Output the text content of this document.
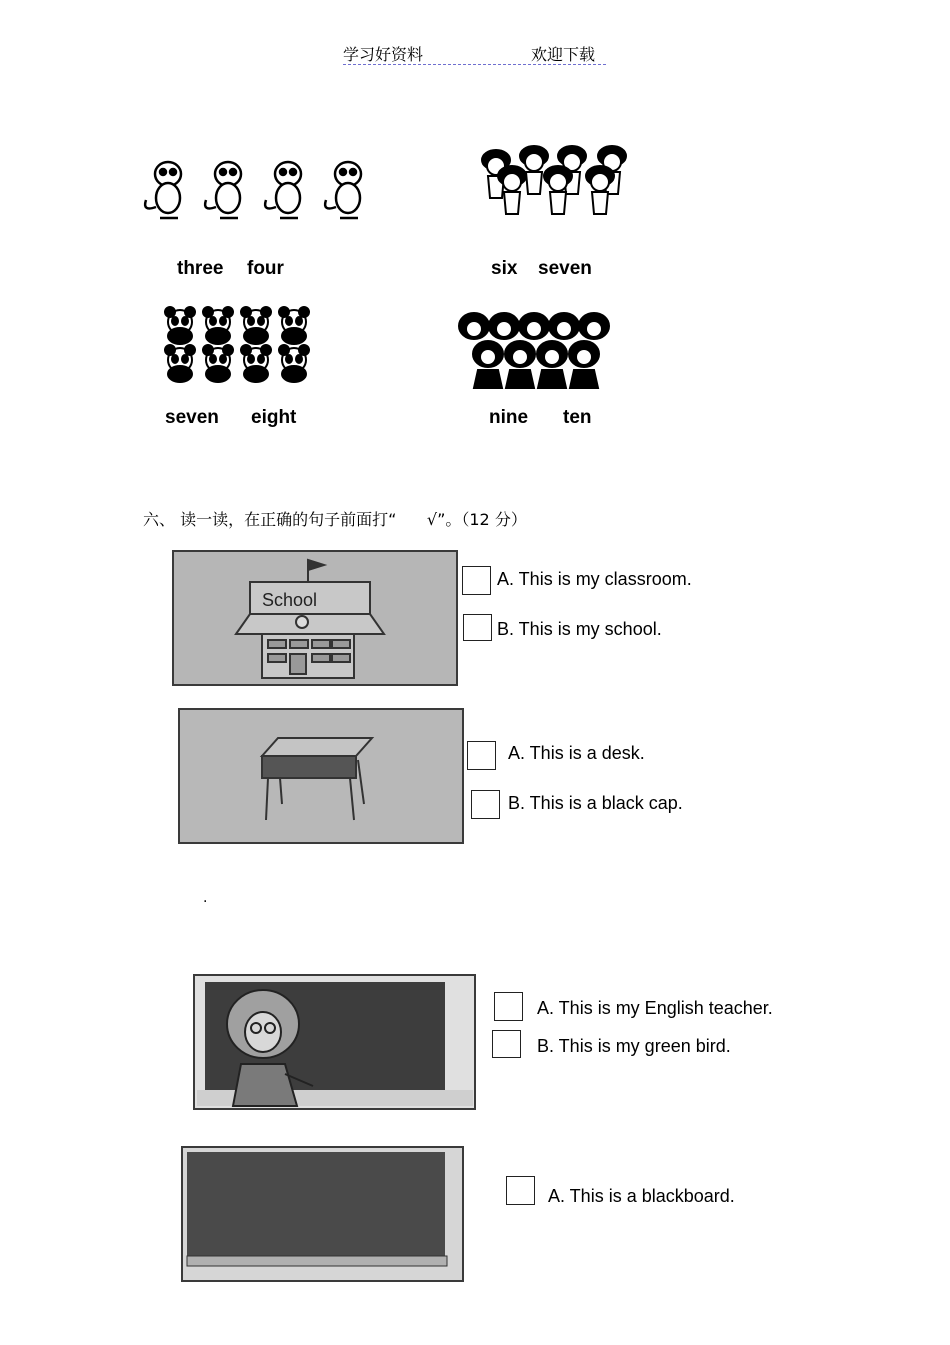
学习好资料	欢迎下载
three four	six seven
seven eight	nine ten
六、 读一读，在正确的句子前面打“      √”。（12 分）
School
A. This is my classroom.
B. This is my school.
A. This is a desk.
B. This is a black cap.
.
A. This is my English teacher.
B. This is my green bird.
A. This is a blackboard.
